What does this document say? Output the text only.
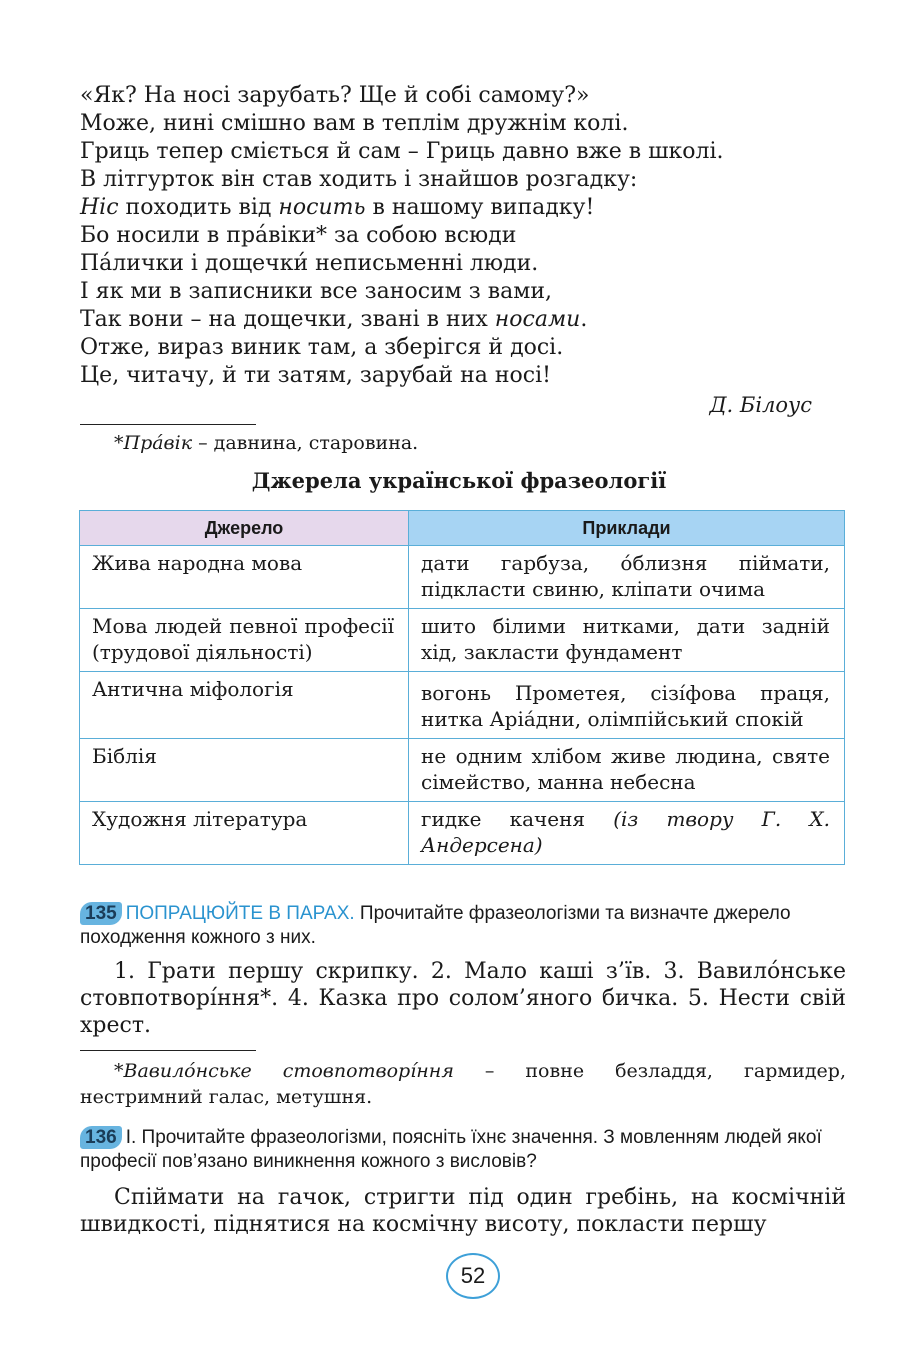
«Як? На носі зарубать? Ще й собі самому?»
Може, нині смішно вам в теплім дружнім колі.
Гриць тепер сміється й сам – Гриць давно вже в школі.
В літгурток він став ходить і знайшов розгадку:
Ніс походить від носить в нашому випадку!
Бо носили в пра́віки* за собою всюди
Па́лички і дощечки́ неписьменні люди.
І як ми в записники все заносим з вами,
Так вони – на дощечки, звані в них носами.
Отже, вираз виник там, а зберігся й досі.
Це, читачу, й ти затям, зарубай на носі!
Д. Білоус
*Пра́вік – давнина, старовина.
Джерела української фразеології
Джерело	Приклади
Жива народна мова	дати гарбуза, о́близня піймати, підкласти свиню, кліпати очима
Мова людей певної професії (трудової діяльності)	шито білими нитками, дати задній хід, закласти фундамент
Антична міфологія	вогонь Прометея, сізі́фова праця, нитка Аріа́дни, олімпійський спокій
Біблія	не одним хлібом живе людина, святе сімейство, манна небесна
Художня література	гидке каченя (із твору Г. Х. Андерсена)
135 ПОПРАЦЮЙТЕ В ПАРАХ. Прочитайте фразеологізми та визначте джерело походження кожного з них.
1. Грати першу скрипку. 2. Мало каші з’їв. 3. Вавило́нське стовпотворі́ння*. 4. Казка про солом’яного бичка. 5. Нести свій хрест.
*Вавило́нське стовпотворі́ння – повне безладдя, гармидер, нестримний галас, метушня.
136 І. Прочитайте фразеологізми, поясніть їхнє значення. З мовленням людей якої професії пов’язано виникнення кожного з висловів?
Спіймати на гачок, стригти під один гребінь, на космічній швидкості, піднятися на космічну висоту, покласти першу
52
